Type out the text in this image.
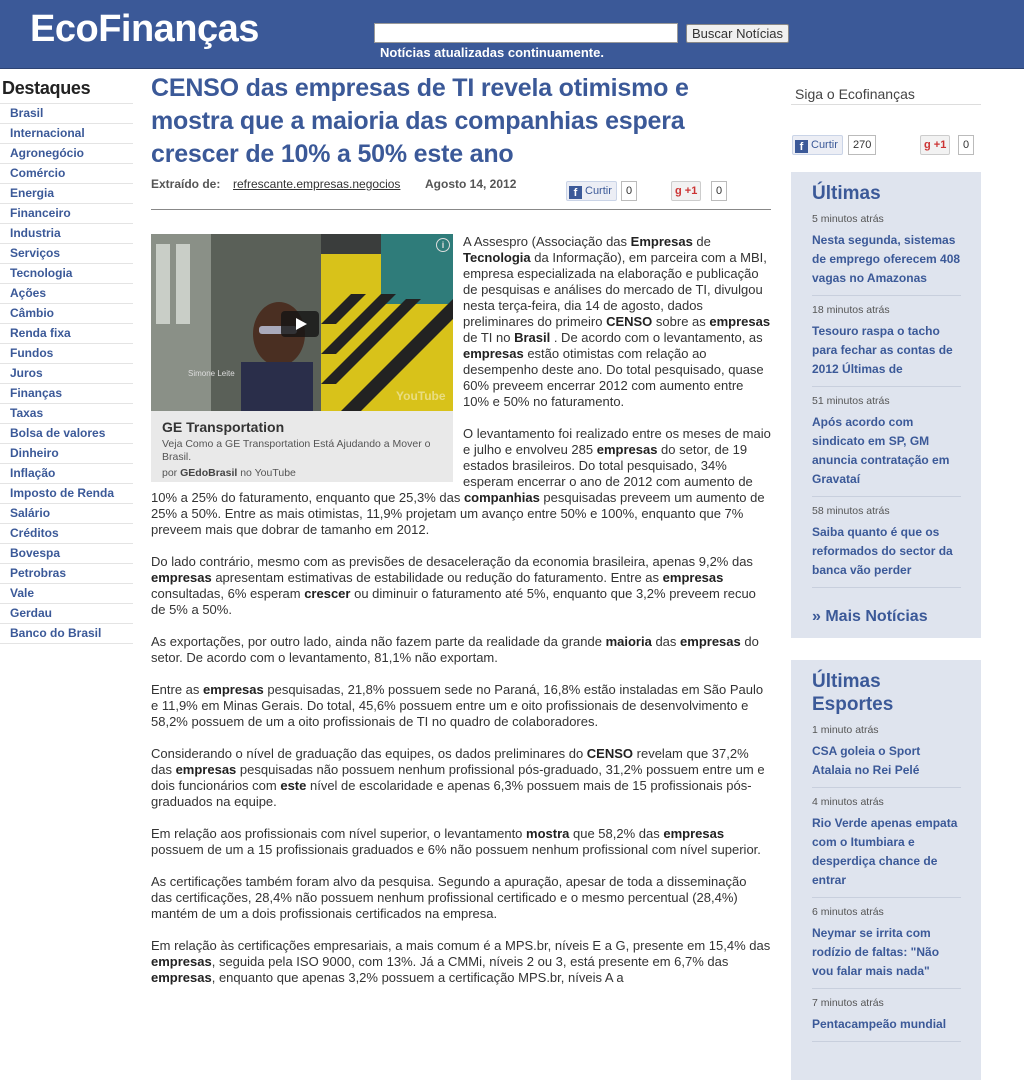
EcoFinanças	Buscar Notícias
Notícias atualizadas continuamente.
Destaques
Brasil
Internacional
Agronegócio
Comércio
Energia
Financeiro
Industria
Serviços
Tecnologia
Ações
Câmbio
Renda fixa
Fundos
Juros
Finanças
Taxas
Bolsa de valores
Dinheiro
Inflação
Imposto de Renda
Salário
Créditos
Bovespa
Petrobras
Vale
Gerdau
Banco do Brasil
CENSO das empresas de TI revela otimismo e mostra que a maioria das companhias espera crescer de 10% a 50% este ano
Extraído de: refrescante.empresas.negocios Agosto 14, 2012
f Curtir	0	g +1	0
Simone Leite
YouTube
i
GE Transportation
Veja Como a GE Transportation Está Ajudando a Mover o Brasil.
por GEdoBrasil no YouTube

A Assespro (Associação das Empresas de Tecnologia da Informação), em parceira com a MBI, empresa especializada na elaboração e publicação de pesquisas e análises do mercado de TI, divulgou nesta terça-feira, dia 14 de agosto, dados preliminares do primeiro CENSO sobre as empresas de TI no Brasil . De acordo com o levantamento, as empresas estão otimistas com relação ao desempenho deste ano. Do total pesquisado, quase 60% preveem encerrar 2012 com aumento entre 10% e 50% no faturamento.

O levantamento foi realizado entre os meses de maio e julho e envolveu 285 empresas do setor, de 19 estados brasileiros. Do total pesquisado, 34% esperam encerrar o ano de 2012 com aumento de 10% a 25% do faturamento, enquanto que 25,3% das companhias pesquisadas preveem um aumento de 25% a 50%. Entre as mais otimistas, 11,9% projetam um avanço entre 50% e 100%, enquanto que 7% preveem mais que dobrar de tamanho em 2012.

Do lado contrário, mesmo com as previsões de desaceleração da economia brasileira, apenas 9,2% das empresas apresentam estimativas de estabilidade ou redução do faturamento. Entre as empresas consultadas, 6% esperam crescer ou diminuir o faturamento até 5%, enquanto que 3,2% preveem recuo de 5% a 50%.

As exportações, por outro lado, ainda não fazem parte da realidade da grande maioria das empresas do setor. De acordo com o levantamento, 81,1% não exportam.

Entre as empresas pesquisadas, 21,8% possuem sede no Paraná, 16,8% estão instaladas em São Paulo e 11,9% em Minas Gerais. Do total, 45,6% possuem entre um e oito profissionais de desenvolvimento e 58,2% possuem de um a oito profissionais de TI no quadro de colaboradores.

Considerando o nível de graduação das equipes, os dados preliminares do CENSO revelam que 37,2% das empresas pesquisadas não possuem nenhum profissional pós-graduado, 31,2% possuem entre um e dois funcionários com este nível de escolaridade e apenas 6,3% possuem mais de 15 profissionais pós-graduados na equipe.

Em relação aos profissionais com nível superior, o levantamento mostra que 58,2% das empresas possuem de um a 15 profissionais graduados e 6% não possuem nenhum profissional com nível superior.

As certificações também foram alvo da pesquisa. Segundo a apuração, apesar de toda a disseminação das certificações, 28,4% não possuem nenhum profissional certificado e o mesmo percentual (28,4%) mantém de um a dois profissionais certificados na empresa.

Em relação às certificações empresariais, a mais comum é a MPS.br, níveis E a G, presente em 15,4% das empresas, seguida pela ISO 9000, com 13%. Já a CMMi, níveis 2 ou 3, está presente em 6,7% das empresas, enquanto que apenas 3,2% possuem a certificação MPS.br, níveis A a

Siga o Ecofinanças
f Curtir	270	g +1	0
Últimas
5 minutos atrás
Nesta segunda, sistemas de emprego oferecem 408 vagas no Amazonas
18 minutos atrás
Tesouro raspa o tacho para fechar as contas de 2012 Últimas de
51 minutos atrás
Após acordo com sindicato em SP, GM anuncia contratação em Gravataí
58 minutos atrás
Saiba quanto é que os reformados do sector da banca vão perder
» Mais Notícias
Últimas Esportes
1 minuto atrás
CSA goleia o Sport Atalaia no Rei Pelé
4 minutos atrás
Rio Verde apenas empata com o Itumbiara e desperdiça chance de entrar
6 minutos atrás
Neymar se irrita com rodízio de faltas: "Não vou falar mais nada"
7 minutos atrás
Pentacampeão mundial
